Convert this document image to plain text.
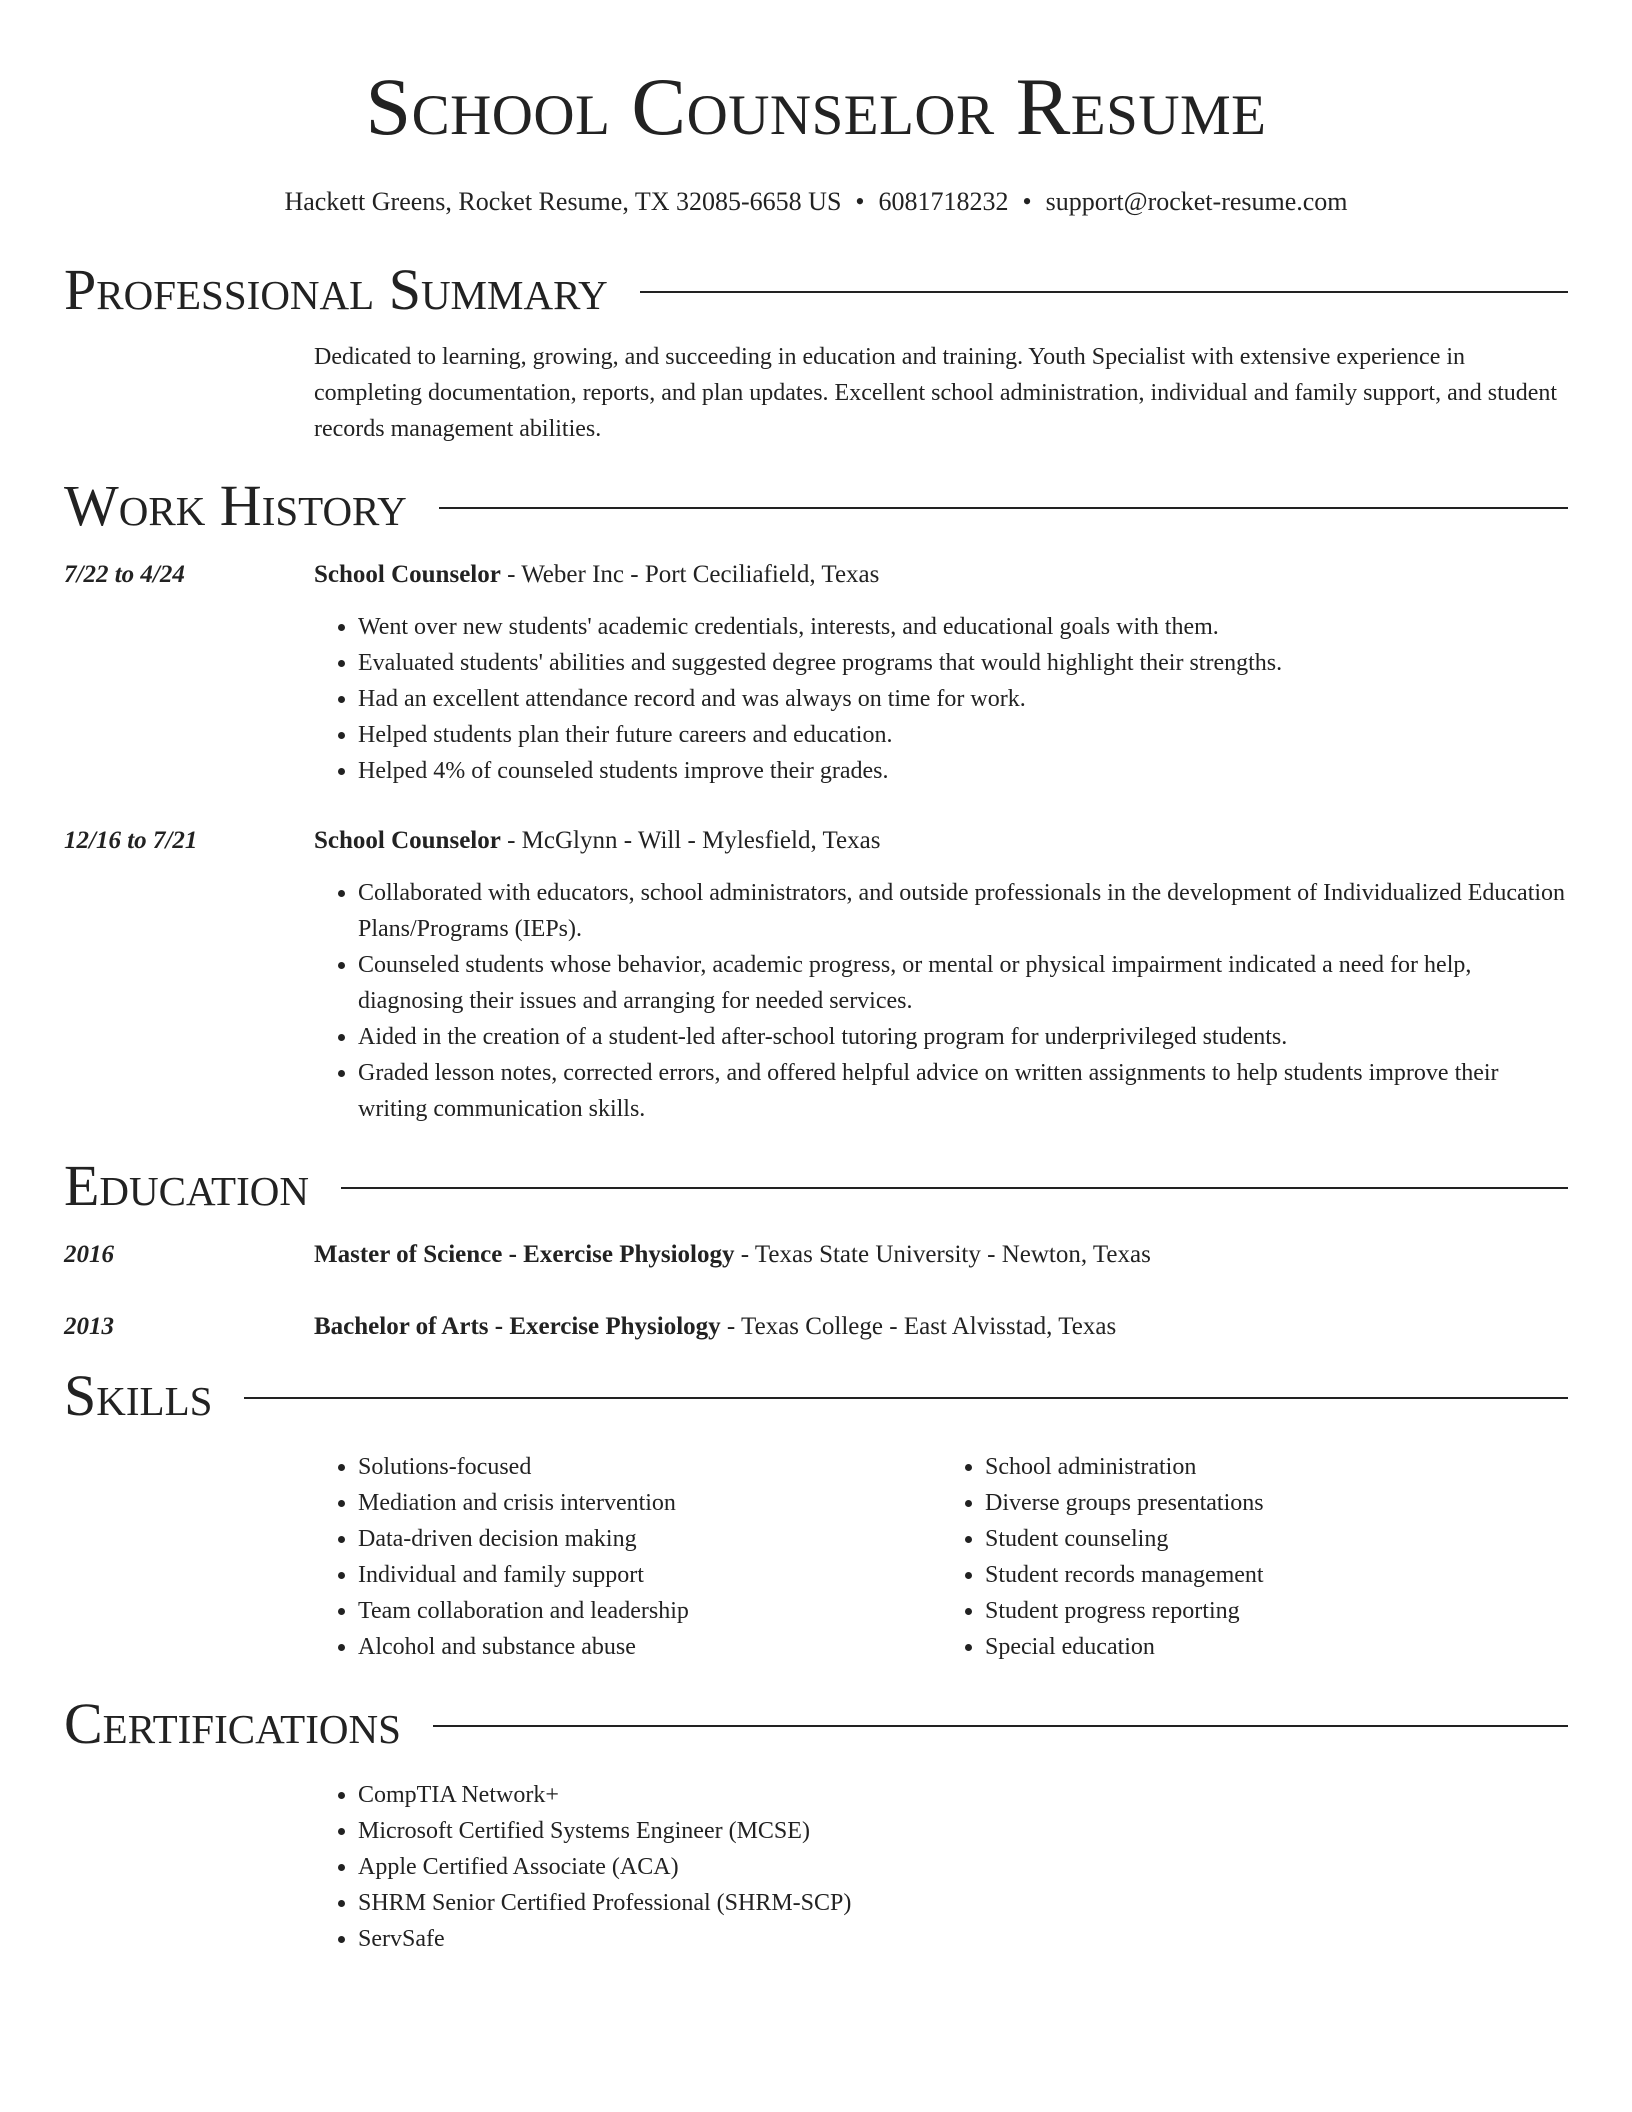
School Counselor Resume
Hackett Greens, Rocket Resume, TX 32085-6658 US • 6081718232 • support@rocket-resume.com
Professional Summary
Dedicated to learning, growing, and succeeding in education and training. Youth Specialist with extensive experience in completing documentation, reports, and plan updates. Excellent school administration, individual and family support, and student records management abilities.
Work History
7/22 to 4/24	School Counselor - Weber Inc - Port Ceciliafield, Texas
• Went over new students' academic credentials, interests, and educational goals with them.
• Evaluated students' abilities and suggested degree programs that would highlight their strengths.
• Had an excellent attendance record and was always on time for work.
• Helped students plan their future careers and education.
• Helped 4% of counseled students improve their grades.
12/16 to 7/21	School Counselor - McGlynn - Will - Mylesfield, Texas
• Collaborated with educators, school administrators, and outside professionals in the development of Individualized Education Plans/Programs (IEPs).
• Counseled students whose behavior, academic progress, or mental or physical impairment indicated a need for help, diagnosing their issues and arranging for needed services.
• Aided in the creation of a student-led after-school tutoring program for underprivileged students.
• Graded lesson notes, corrected errors, and offered helpful advice on written assignments to help students improve their writing communication skills.
Education
2016	Master of Science - Exercise Physiology - Texas State University - Newton, Texas
2013	Bachelor of Arts - Exercise Physiology - Texas College - East Alvisstad, Texas
Skills
• Solutions-focused
• Mediation and crisis intervention
• Data-driven decision making
• Individual and family support
• Team collaboration and leadership
• Alcohol and substance abuse
• School administration
• Diverse groups presentations
• Student counseling
• Student records management
• Student progress reporting
• Special education
Certifications
• CompTIA Network+
• Microsoft Certified Systems Engineer (MCSE)
• Apple Certified Associate (ACA)
• SHRM Senior Certified Professional (SHRM-SCP)
• ServSafe
